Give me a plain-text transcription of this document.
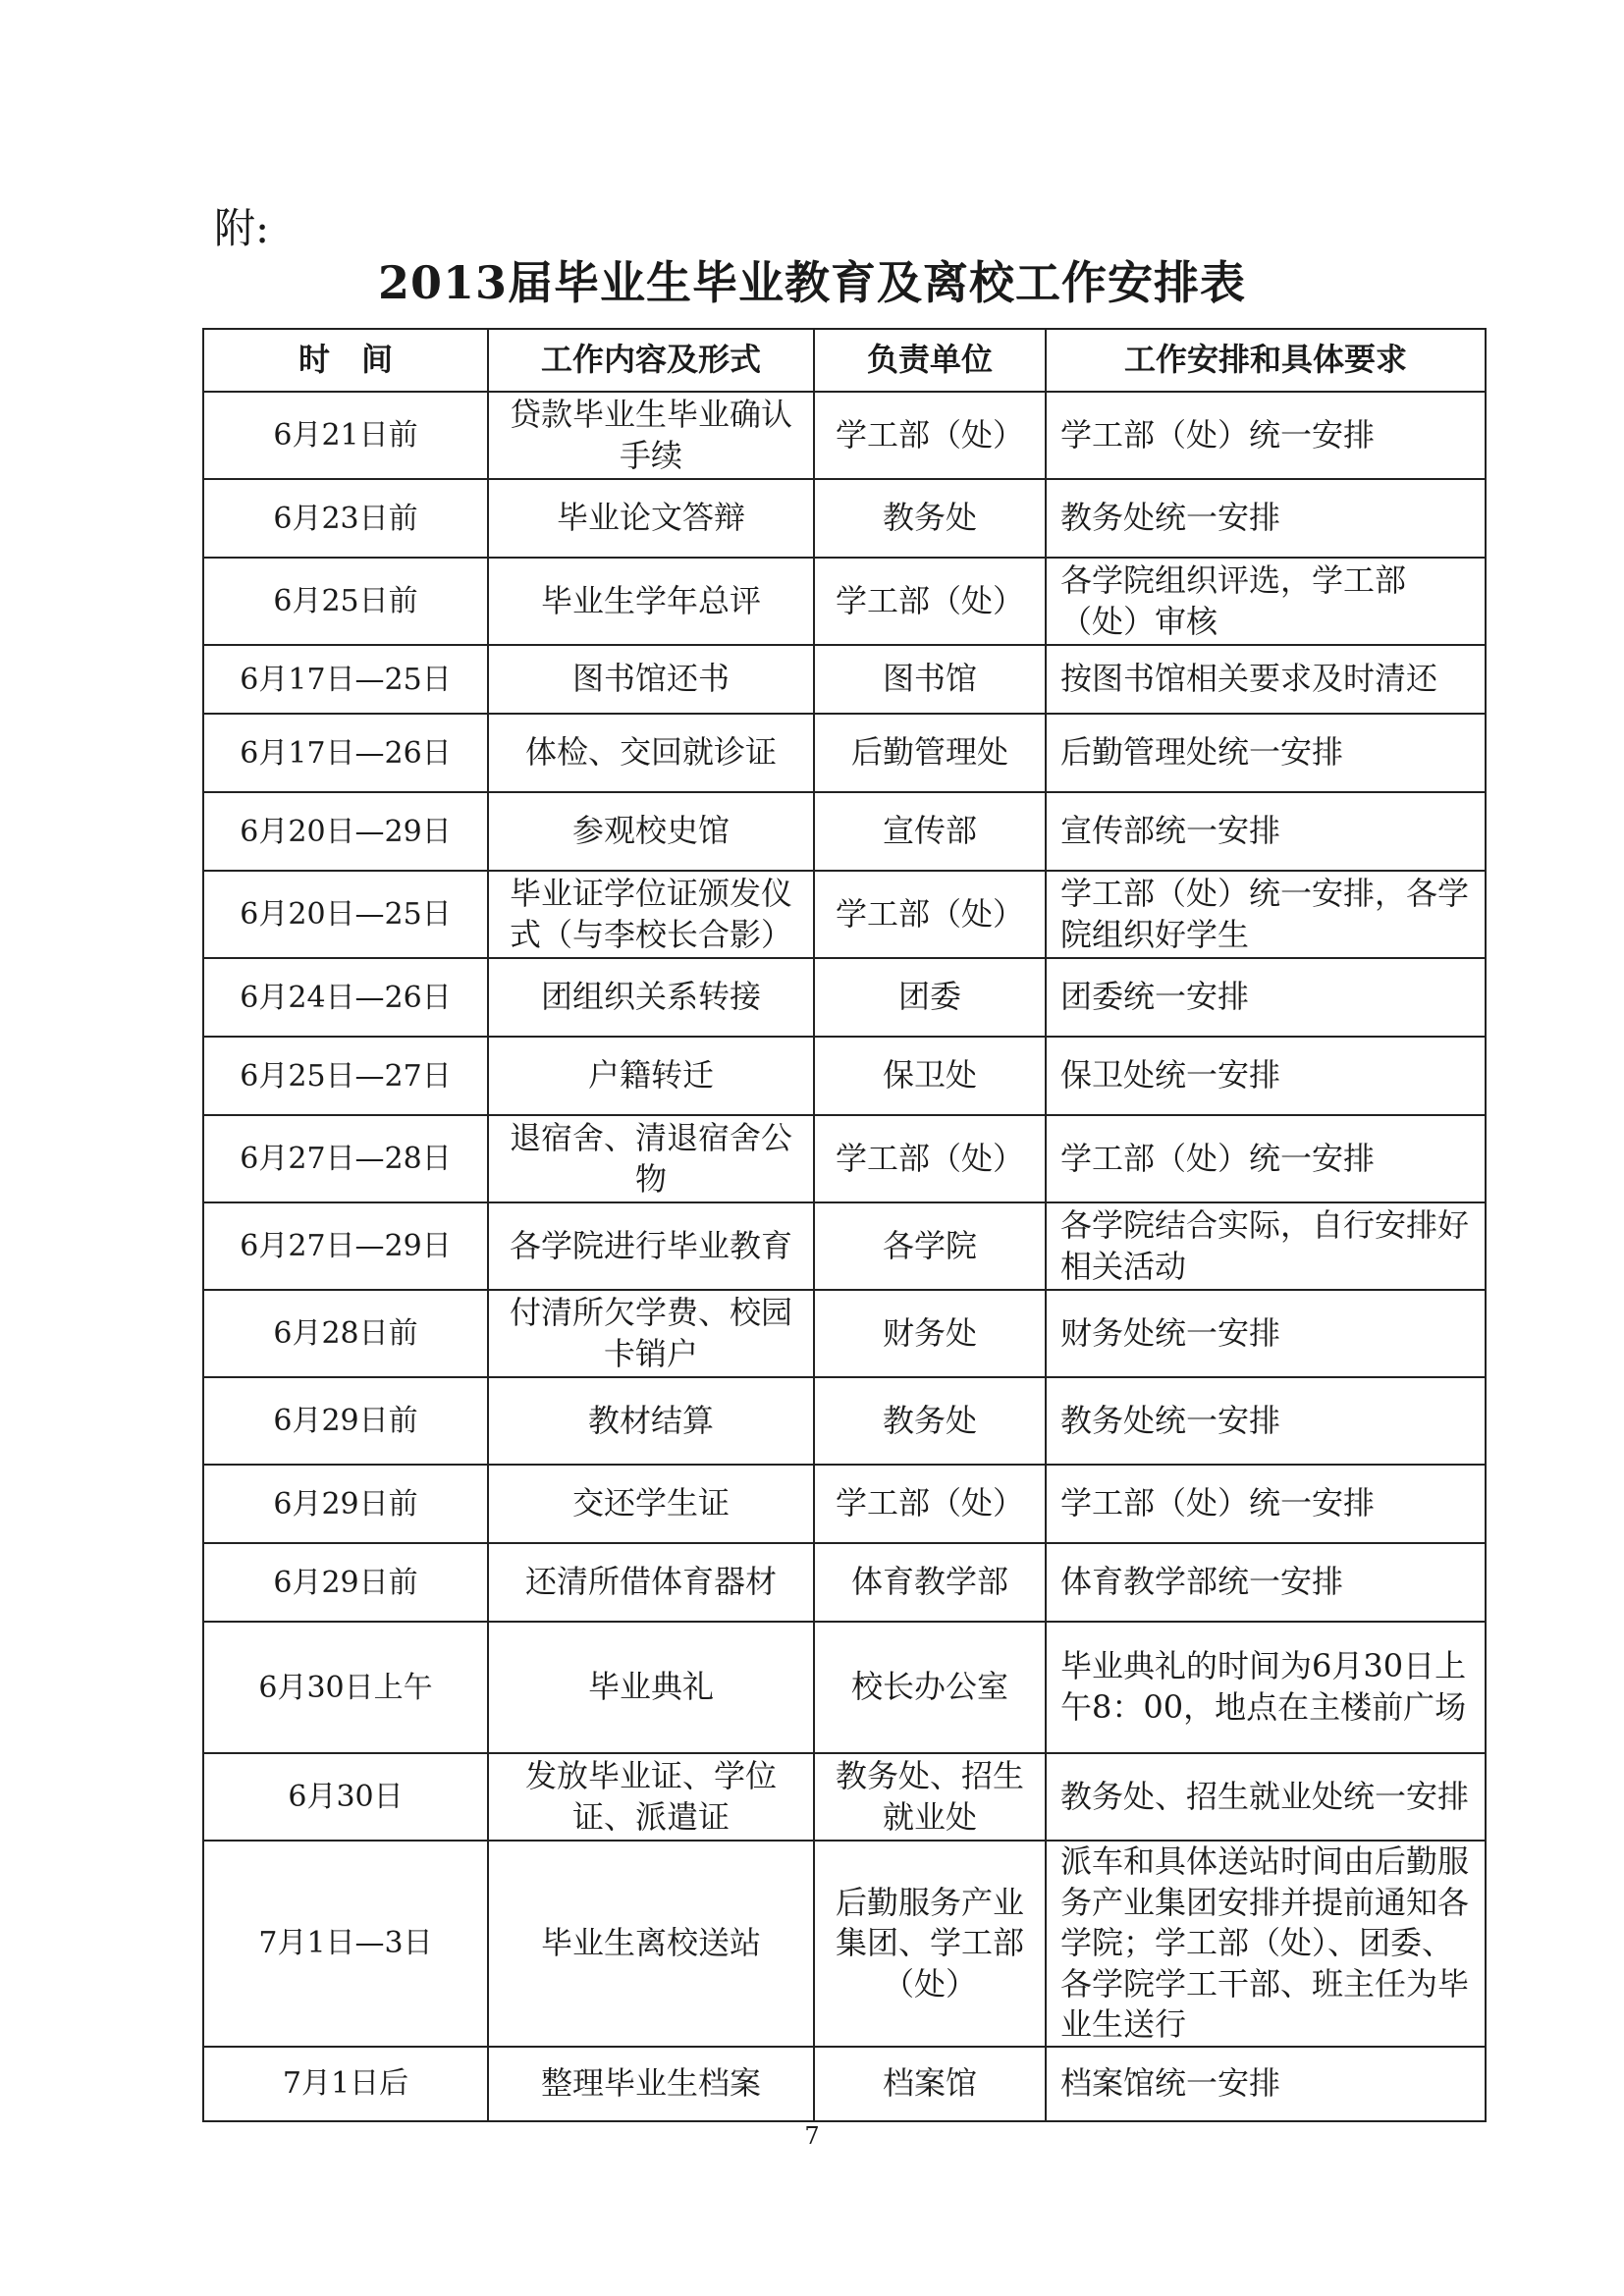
附:
2013届毕业生毕业教育及离校工作安排表
时　间	工作内容及形式	负责单位	工作安排和具体要求
6月21日前	贷款毕业生毕业确认手续	学工部（处）	学工部（处）统一安排
6月23日前	毕业论文答辩	教务处	教务处统一安排
6月25日前	毕业生学年总评	学工部（处）	各学院组织评选，学工部（处）审核
6月17日—25日	图书馆还书	图书馆	按图书馆相关要求及时清还
6月17日—26日	体检、交回就诊证	后勤管理处	后勤管理处统一安排
6月20日—29日	参观校史馆	宣传部	宣传部统一安排
6月20日—25日	毕业证学位证颁发仪式（与李校长合影）	学工部（处）	学工部（处）统一安排，各学院组织好学生
6月24日—26日	团组织关系转接	团委	团委统一安排
6月25日—27日	户籍转迁	保卫处	保卫处统一安排
6月27日—28日	退宿舍、清退宿舍公物	学工部（处）	学工部（处）统一安排
6月27日—29日	各学院进行毕业教育	各学院	各学院结合实际，自行安排好相关活动
6月28日前	付清所欠学费、校园卡销户	财务处	财务处统一安排
6月29日前	教材结算	教务处	教务处统一安排
6月29日前	交还学生证	学工部（处）	学工部（处）统一安排
6月29日前	还清所借体育器材	体育教学部	体育教学部统一安排
6月30日上午	毕业典礼	校长办公室	毕业典礼的时间为6月30日上午8：00，地点在主楼前广场
6月30日	发放毕业证、学位证、派遣证	教务处、招生就业处	教务处、招生就业处统一安排
7月1日—3日	毕业生离校送站	后勤服务产业集团、学工部（处）	派车和具体送站时间由后勤服务产业集团安排并提前通知各学院；学工部（处）、团委、各学院学工干部、班主任为毕业生送行
7月1日后	整理毕业生档案	档案馆	档案馆统一安排
7
